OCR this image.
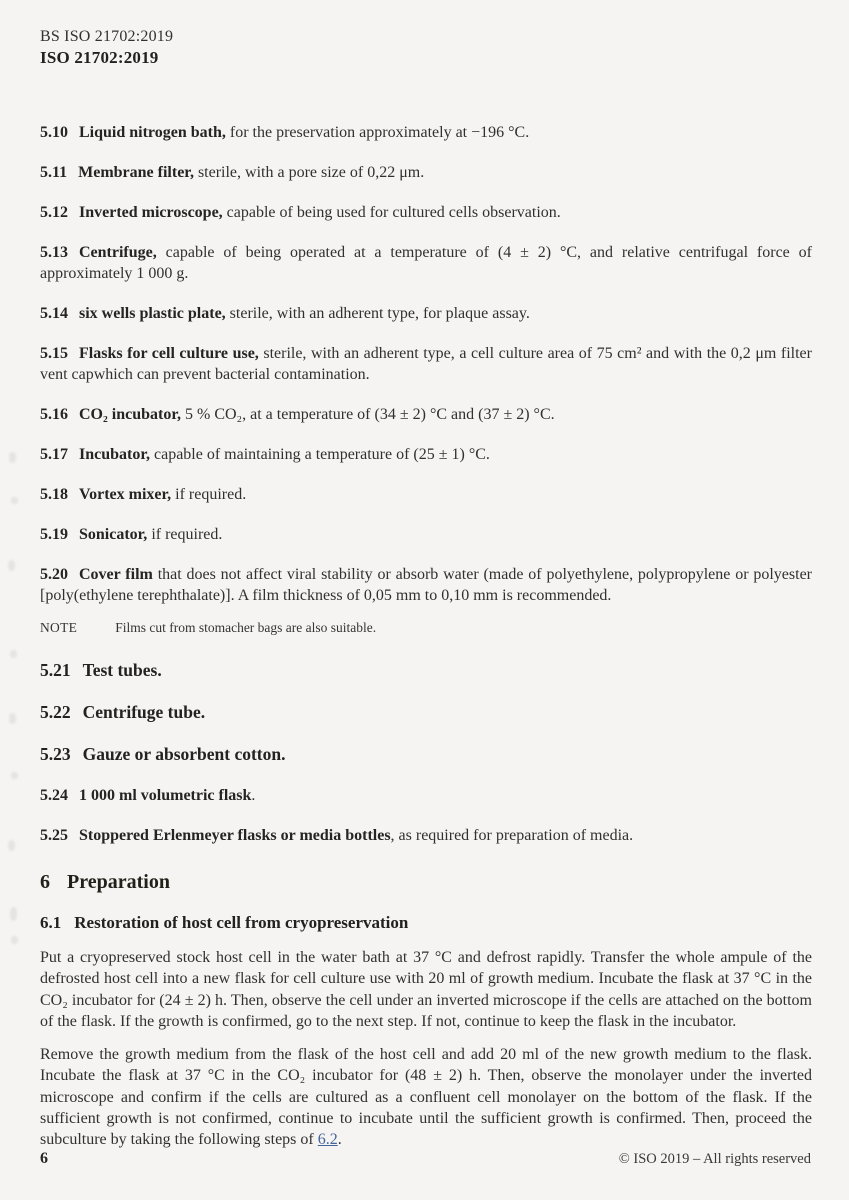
BS ISO 21702:2019
ISO 21702:2019

5.10 Liquid nitrogen bath, for the preservation approximately at −196 °C.

5.11 Membrane filter, sterile, with a pore size of 0,22 μm.

5.12 Inverted microscope, capable of being used for cultured cells observation.

5.13 Centrifuge, capable of being operated at a temperature of (4 ± 2) °C, and relative centrifugal force of approximately 1 000 g.

5.14 six wells plastic plate, sterile, with an adherent type, for plaque assay.

5.15 Flasks for cell culture use, sterile, with an adherent type, a cell culture area of 75 cm² and with the 0,2 μm filter vent capwhich can prevent bacterial contamination.

5.16 CO₂ incubator, 5 % CO₂, at a temperature of (34 ± 2) °C and (37 ± 2) °C.

5.17 Incubator, capable of maintaining a temperature of (25 ± 1) °C.

5.18 Vortex mixer, if required.

5.19 Sonicator, if required.

5.20 Cover film that does not affect viral stability or absorb water (made of polyethylene, polypropylene or polyester [poly(ethylene terephthalate)]. A film thickness of 0,05 mm to 0,10 mm is recommended.

NOTE	Films cut from stomacher bags are also suitable.

5.21 Test tubes.

5.22 Centrifuge tube.

5.23 Gauze or absorbent cotton.

5.24 1 000 ml volumetric flask.

5.25 Stoppered Erlenmeyer flasks or media bottles, as required for preparation of media.

6 Preparation
6.1 Restoration of host cell from cryopreservation

Put a cryopreserved stock host cell in the water bath at 37 °C and defrost rapidly. Transfer the whole ampule of the defrosted host cell into a new flask for cell culture use with 20 ml of growth medium. Incubate the flask at 37 °C in the CO₂ incubator for (24 ± 2) h. Then, observe the cell under an inverted microscope if the cells are attached on the bottom of the flask. If the growth is confirmed, go to the next step. If not, continue to keep the flask in the incubator.

Remove the growth medium from the flask of the host cell and add 20 ml of the new growth medium to the flask. Incubate the flask at 37 °C in the CO₂ incubator for (48 ± 2) h. Then, observe the monolayer under the inverted microscope and confirm if the cells are cultured as a confluent cell monolayer on the bottom of the flask. If the sufficient growth is not confirmed, continue to incubate until the sufficient growth is confirmed. Then, proceed the subculture by taking the following steps of 6.2.

6	© ISO 2019 – All rights reserved
